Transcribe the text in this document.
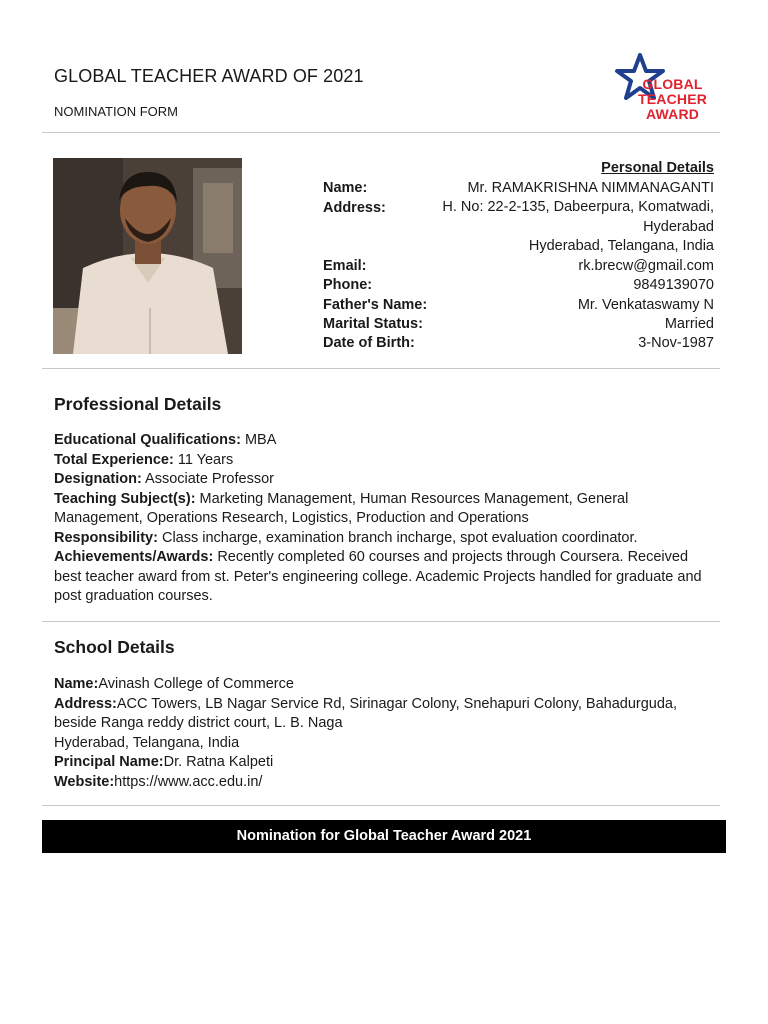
GLOBAL TEACHER AWARD OF 2021
NOMINATION FORM
GLOBAL
TEACHER
AWARD
Personal Details
Name:	Mr. RAMAKRISHNA NIMMANAGANTI
Address:	H. No: 22-2-135, Dabeerpura, Komatwadi,
Hyderabad
Hyderabad, Telangana, India
Email:	rk.brecw@gmail.com
Phone:	9849139070
Father's Name:	Mr. Venkataswamy N
Marital Status:	Married
Date of Birth:	3-Nov-1987
Professional Details
Educational Qualifications: MBA
Total Experience: 11 Years
Designation: Associate Professor
Teaching Subject(s): Marketing Management, Human Resources Management, General Management, Operations Research, Logistics, Production and Operations
Responsibility: Class incharge, examination branch incharge, spot evaluation coordinator.
Achievements/Awards: Recently completed 60 courses and projects through Coursera. Received best teacher award from st. Peter's engineering college. Academic Projects handled for graduate and post graduation courses.
School Details
Name:Avinash College of Commerce
Address:ACC Towers, LB Nagar Service Rd, Sirinagar Colony, Snehapuri Colony, Bahadurguda, beside Ranga reddy district court, L. B. Naga
Hyderabad, Telangana, India
Principal Name:Dr. Ratna Kalpeti
Website:https://www.acc.edu.in/
Nomination for Global Teacher Award 2021
